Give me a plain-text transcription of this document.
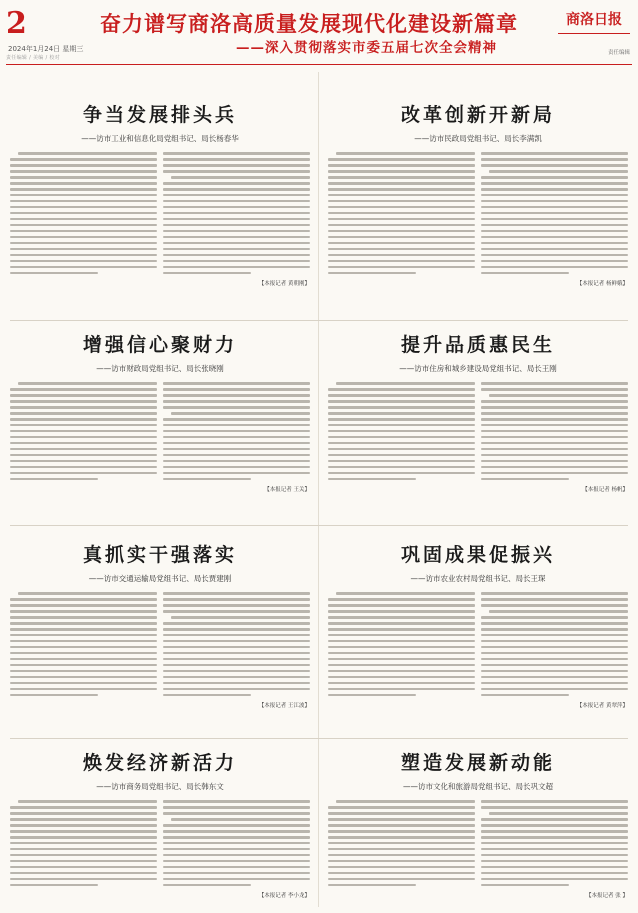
2
2024年1月24日 星期三
责任编辑 / 美编 / 校对
奋力谱写商洛高质量发展现代化建设新篇章
——深入贯彻落实市委五届七次全会精神
商洛日报
责任编辑
争当发展排头兵
——访市工业和信息化局党组书记、局长杨春华
【本报记者 黄朝刚】
改革创新开新局
——访市民政局党组书记、局长李满凯
【本报记者 杨鲜娥】
增强信心聚财力
——访市财政局党组书记、局长张晓刚
【本报记者 王关】
提升品质惠民生
——访市住房和城乡建设局党组书记、局长王刚
【本报记者 杨帆】
真抓实干强落实
——访市交通运输局党组书记、局长贾建刚
【本报记者 王江波】
巩固成果促振兴
——访市农业农村局党组书记、局长王琛
【本报记者 黄翠萍】
焕发经济新活力
——访市商务局党组书记、局长韩东文
【本报记者 李小龙】
塑造发展新动能
——访市文化和旅游局党组书记、局长巩文超
【本报记者 张 】
